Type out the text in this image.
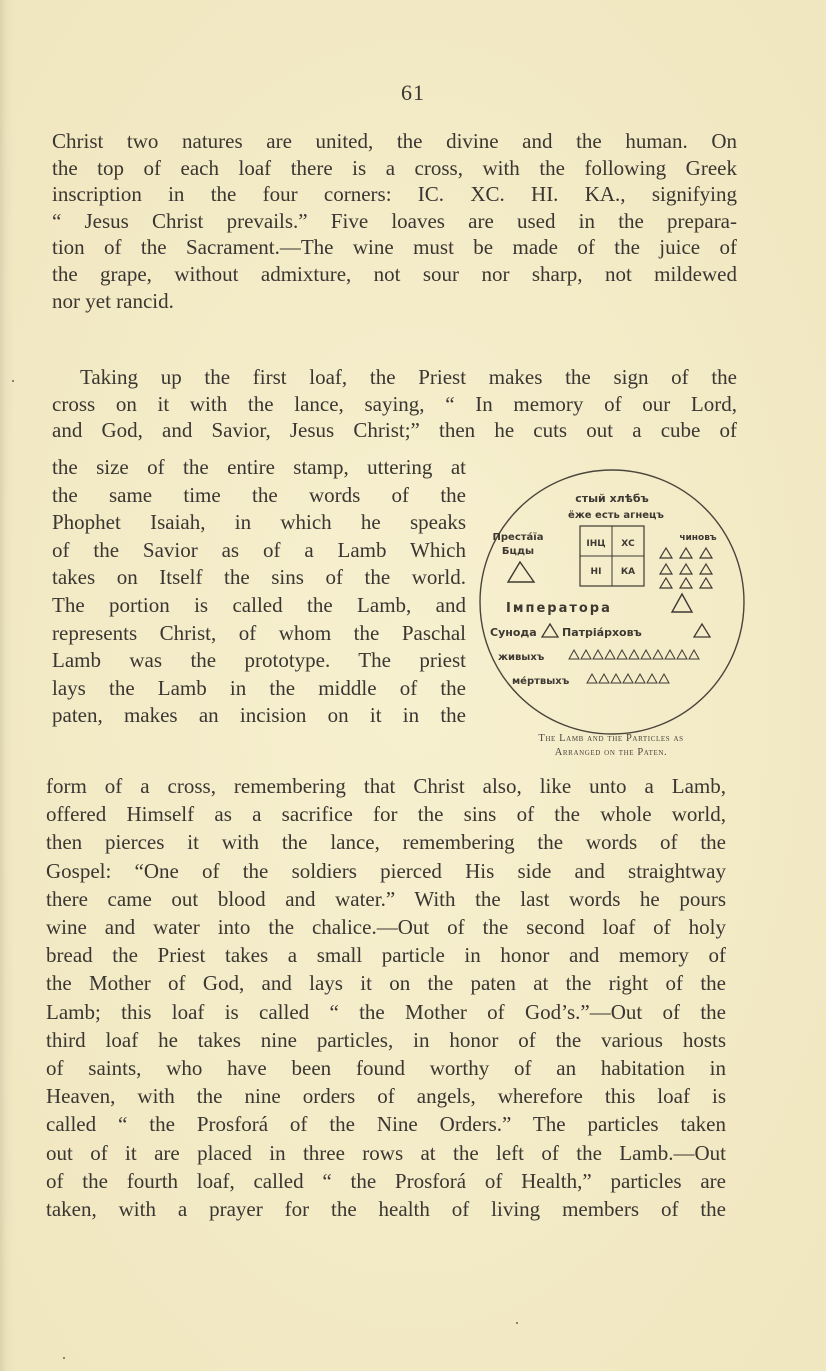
61
Christ two natures are united, the divine and the human. On
the top of each loaf there is a cross, with the following Greek
inscription in the four corners: IC. XC. HI. KA., signifying
“ Jesus Christ prevails.” Five loaves are used in the prepara-
tion of the Sacrament.—The wine must be made of the juice of
the grape, without admixture, not sour nor sharp, not mildewed
nor yet rancid.
Taking up the first loaf, the Priest makes the sign of the
cross on it with the lance, saying, “ In memory of our Lord,
and God, and Savior, Jesus Christ;” then he cuts out a cube of
the size of the entire stamp, uttering at
the same time the words of the
Phophet Isaiah, in which he speaks
of the Savior as of a Lamb Which
takes on Itself the sins of the world.
The portion is called the Lamb, and
represents Christ, of whom the Paschal
Lamb was the prototype. The priest
lays the Lamb in the middle of the
paten, makes an incision on it in the
стый хлѣбъ
ёже есть агнецъ
Преста́їа
Бцды
чиновъ
ІНЦ ХС
НІ КА
Імператора
Сунода Патріа́рховъ
живыхъ
ме́ртвыхъ
The Lamb and the Particles as
Arranged on the Paten.
form of a cross, remembering that Christ also, like unto a Lamb,
offered Himself as a sacrifice for the sins of the whole world,
then pierces it with the lance, remembering the words of the
Gospel: “One of the soldiers pierced His side and straightway
there came out blood and water.” With the last words he pours
wine and water into the chalice.—Out of the second loaf of holy
bread the Priest takes a small particle in honor and memory of
the Mother of God, and lays it on the paten at the right of the
Lamb; this loaf is called “ the Mother of God’s.”—Out of the
third loaf he takes nine particles, in honor of the various hosts
of saints, who have been found worthy of an habitation in
Heaven, with the nine orders of angels, wherefore this loaf is
called “ the Prosforá of the Nine Orders.” The particles taken
out of it are placed in three rows at the left of the Lamb.—Out
of the fourth loaf, called “ the Prosforá of Health,” particles are
taken, with a prayer for the health of living members of the
